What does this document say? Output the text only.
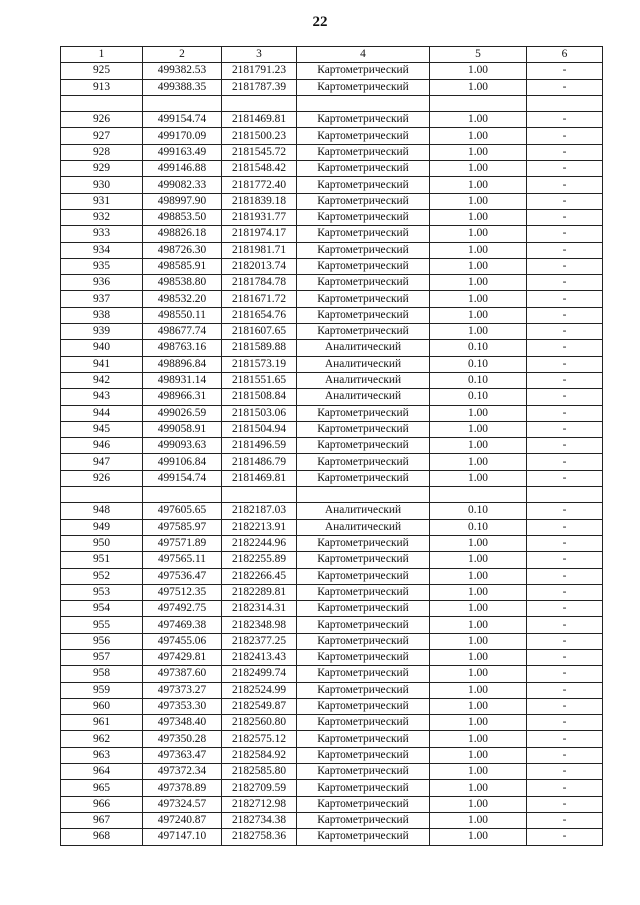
22
1	2	3	4	5	6
925	499382.53	2181791.23	Картометрический	1.00	-
913	499388.35	2181787.39	Картометрический	1.00	-

926	499154.74	2181469.81	Картометрический	1.00	-
927	499170.09	2181500.23	Картометрический	1.00	-
928	499163.49	2181545.72	Картометрический	1.00	-
929	499146.88	2181548.42	Картометрический	1.00	-
930	499082.33	2181772.40	Картометрический	1.00	-
931	498997.90	2181839.18	Картометрический	1.00	-
932	498853.50	2181931.77	Картометрический	1.00	-
933	498826.18	2181974.17	Картометрический	1.00	-
934	498726.30	2181981.71	Картометрический	1.00	-
935	498585.91	2182013.74	Картометрический	1.00	-
936	498538.80	2181784.78	Картометрический	1.00	-
937	498532.20	2181671.72	Картометрический	1.00	-
938	498550.11	2181654.76	Картометрический	1.00	-
939	498677.74	2181607.65	Картометрический	1.00	-
940	498763.16	2181589.88	Аналитический	0.10	-
941	498896.84	2181573.19	Аналитический	0.10	-
942	498931.14	2181551.65	Аналитический	0.10	-
943	498966.31	2181508.84	Аналитический	0.10	-
944	499026.59	2181503.06	Картометрический	1.00	-
945	499058.91	2181504.94	Картометрический	1.00	-
946	499093.63	2181496.59	Картометрический	1.00	-
947	499106.84	2181486.79	Картометрический	1.00	-
926	499154.74	2181469.81	Картометрический	1.00	-

948	497605.65	2182187.03	Аналитический	0.10	-
949	497585.97	2182213.91	Аналитический	0.10	-
950	497571.89	2182244.96	Картометрический	1.00	-
951	497565.11	2182255.89	Картометрический	1.00	-
952	497536.47	2182266.45	Картометрический	1.00	-
953	497512.35	2182289.81	Картометрический	1.00	-
954	497492.75	2182314.31	Картометрический	1.00	-
955	497469.38	2182348.98	Картометрический	1.00	-
956	497455.06	2182377.25	Картометрический	1.00	-
957	497429.81	2182413.43	Картометрический	1.00	-
958	497387.60	2182499.74	Картометрический	1.00	-
959	497373.27	2182524.99	Картометрический	1.00	-
960	497353.30	2182549.87	Картометрический	1.00	-
961	497348.40	2182560.80	Картометрический	1.00	-
962	497350.28	2182575.12	Картометрический	1.00	-
963	497363.47	2182584.92	Картометрический	1.00	-
964	497372.34	2182585.80	Картометрический	1.00	-
965	497378.89	2182709.59	Картометрический	1.00	-
966	497324.57	2182712.98	Картометрический	1.00	-
967	497240.87	2182734.38	Картометрический	1.00	-
968	497147.10	2182758.36	Картометрический	1.00	-
